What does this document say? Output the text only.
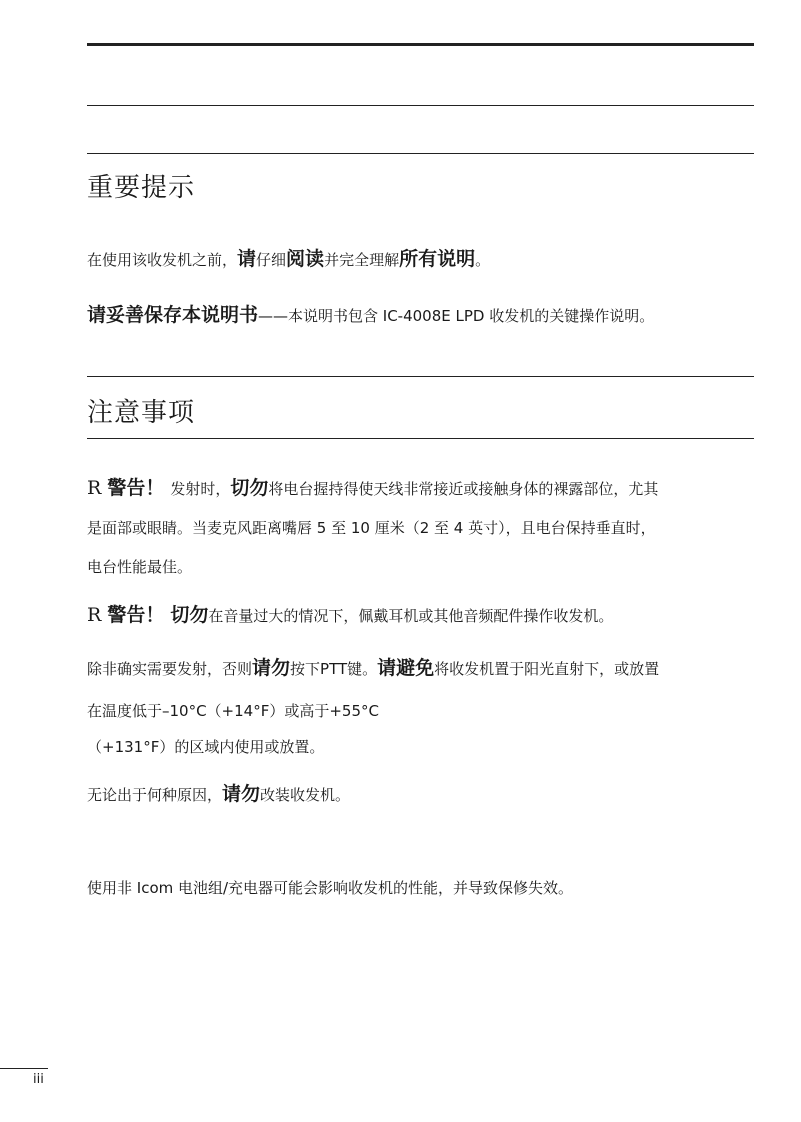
重要提示

在使用该收发机之前，请仔细阅读并完全理解所有说明。

请妥善保存本说明书——本说明书包含 IC-4008E LPD 收发机的关键操作说明。

注意事项

R 警告！ 发射时，切勿将电台握持得使天线非常接近或接触身体的裸露部位，尤其

是面部或眼睛。当麦克风距离嘴唇 5 至 10 厘米（2 至 4 英寸），且电台保持垂直时，

电台性能最佳。

R 警告！ 切勿在音量过大的情况下，佩戴耳机或其他音频配件操作收发机。

除非确实需要发射，否则请勿按下PTT键。请避免将收发机置于阳光直射下，或放置

在温度低于–10°C（+14°F）或高于+55°C

（+131°F）的区域内使用或放置。

无论出于何种原因，请勿改装收发机。

使用非 Icom 电池组/充电器可能会影响收发机的性能，并导致保修失效。

iii
